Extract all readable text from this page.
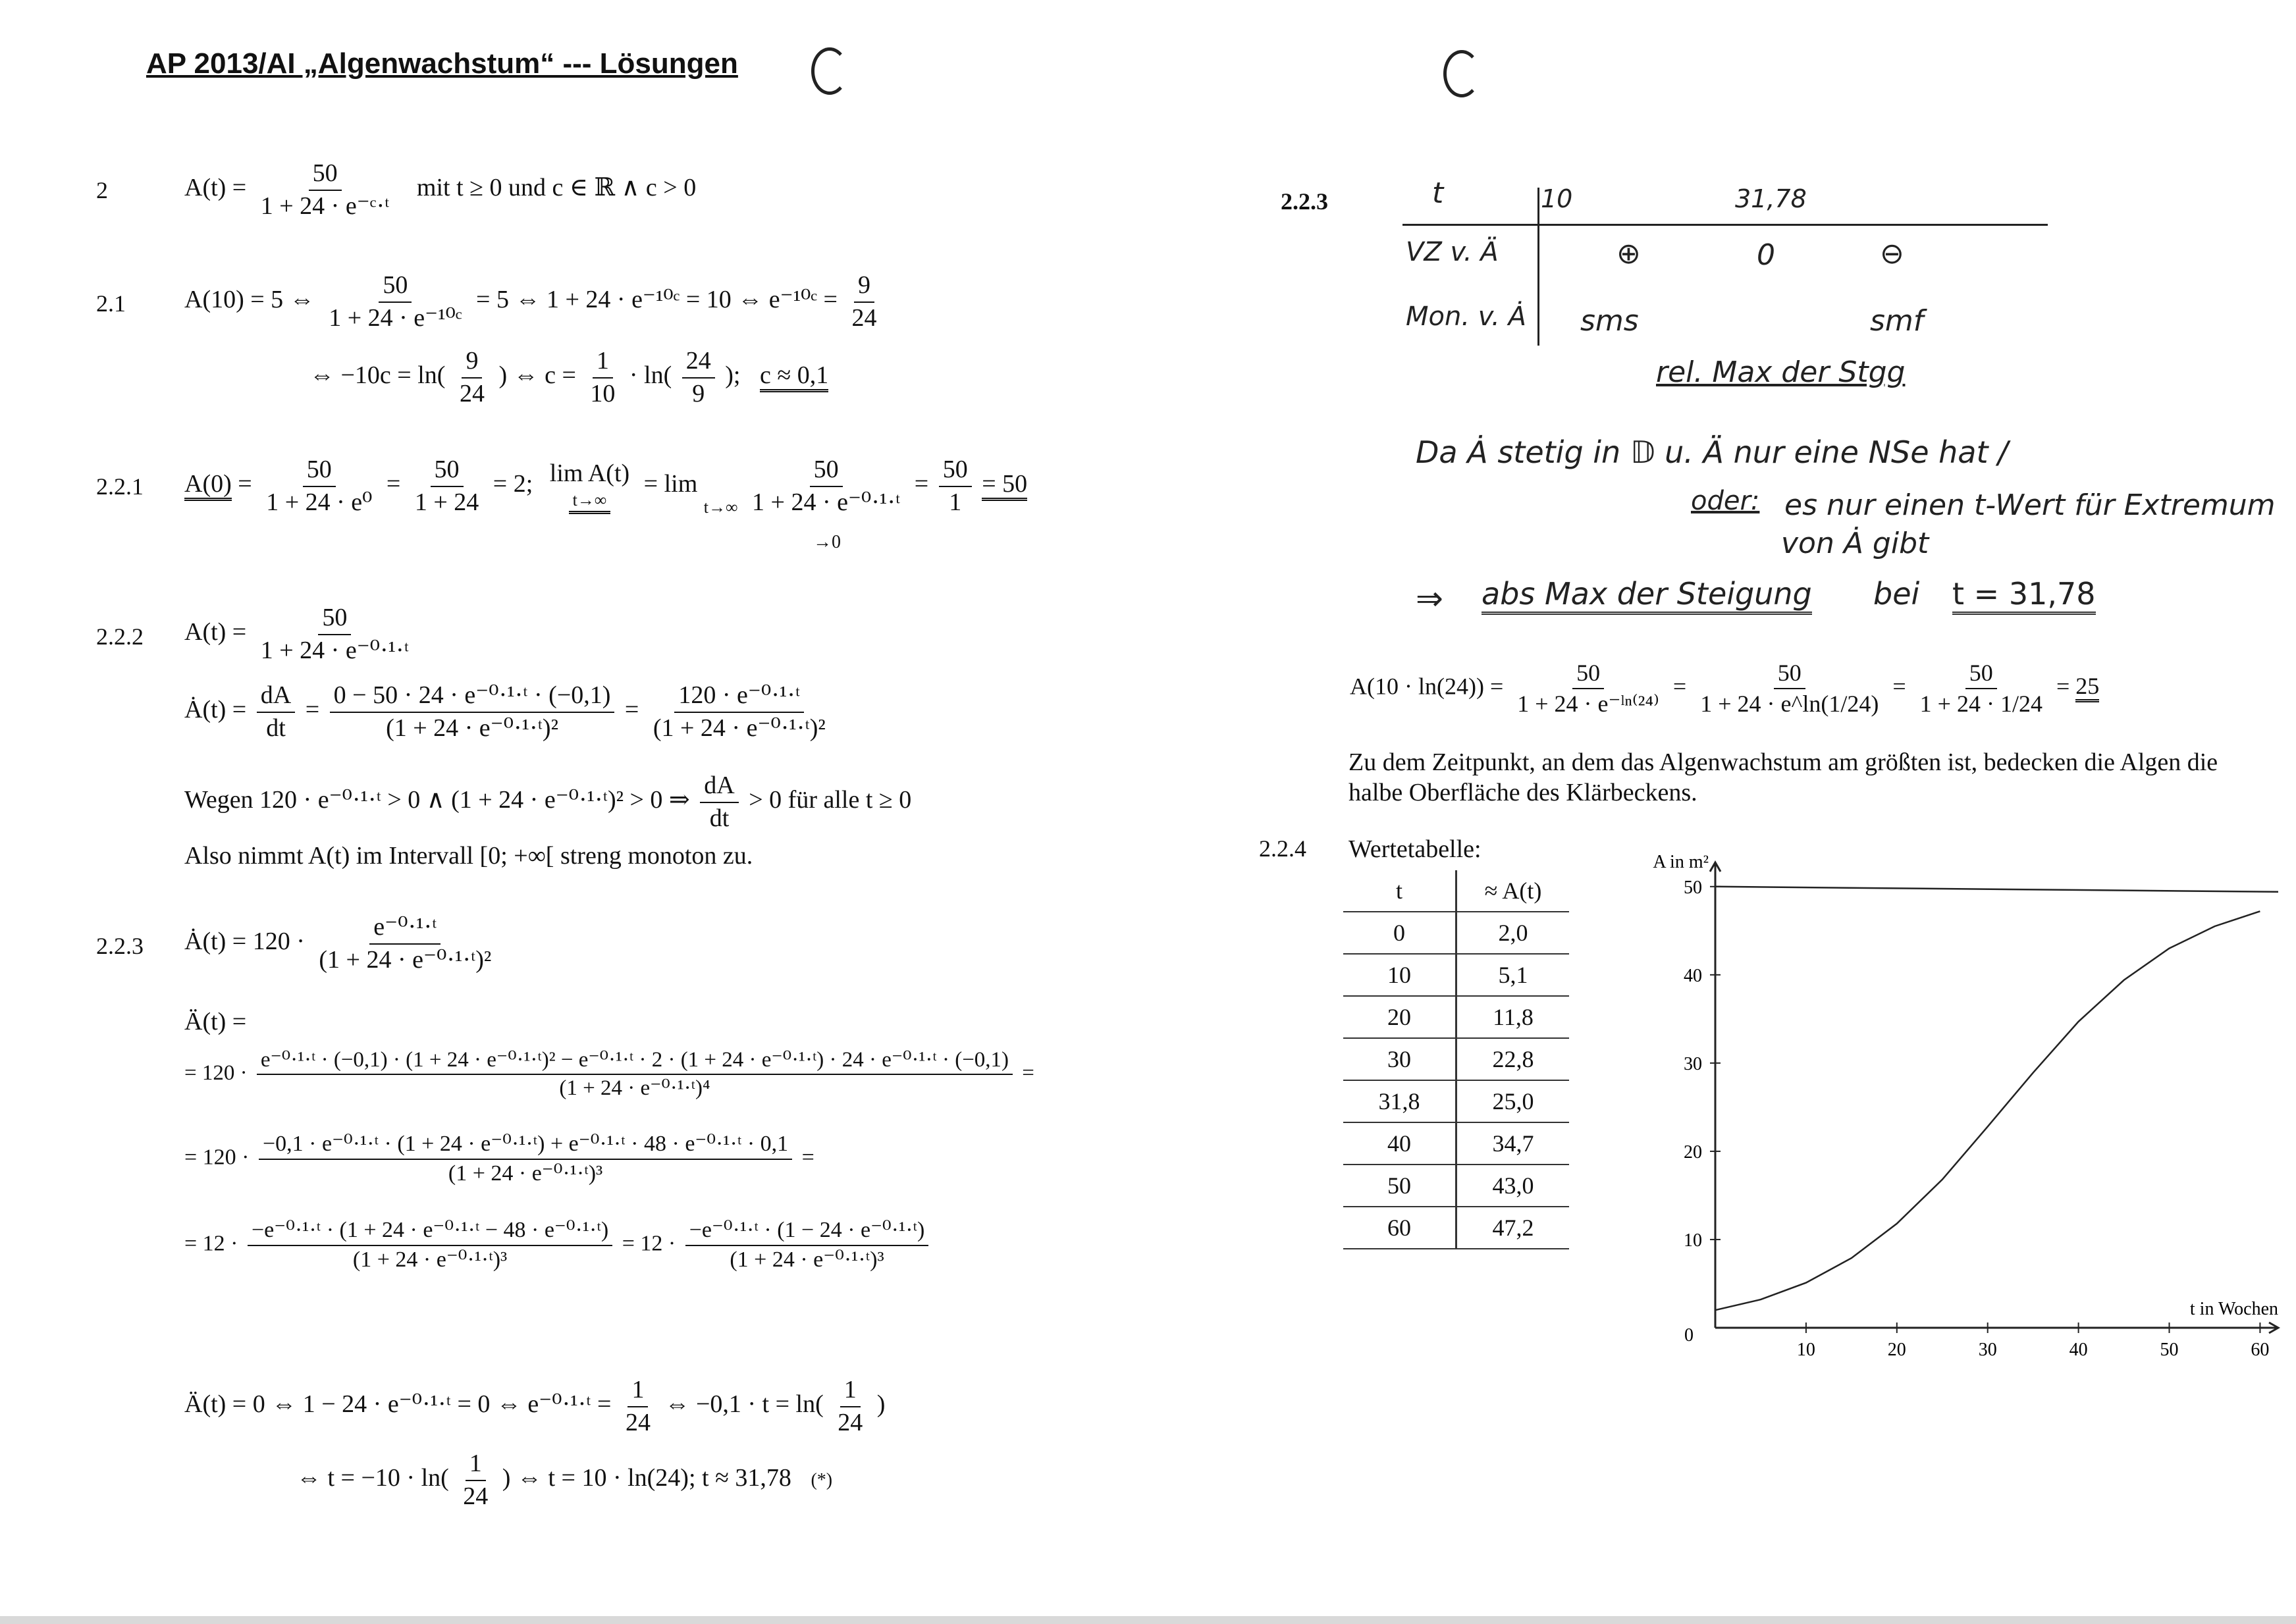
AP 2013/AI „Algenwachstum“ --- Lösungen
2	$A(t) = \frac{50}{\text{1 + 24 · e⁻ᶜ·ᵗ}}$ mit t ≥ 0 und c ∈ ℝ ∧ c > 0
2.1 A(10) = 5 ⇔ $\frac{50}{\text{1 + 24 · e⁻¹⁰ᶜ}} = 5$ ⇔ 1 + 24 · e⁻¹⁰ᶜ = 10 ⇔ e⁻¹⁰ᶜ = $\frac{9}{24}$
⇔ $-10c = \ln( \frac{9}{24}$ ) ⇔ $c = \frac{1}{10} \cdot \ln( \frac{24}{9}$ ); c ≈ 0,1
2.2.1 $A(0) = \frac{50}{\text{1 + 24 · e⁰}} = \frac{50}{1 + 24} = 2$; lim A(t)
t→∞
= $\lim _{t\to\infty} \frac{50}{\text{1 + 24 · e⁻⁰·¹·ᵗ}} = \frac{50}{1} = 50$
→0
2.2.2 $A(t) = \frac{50}{\text{1 + 24 · e⁻⁰·¹·ᵗ}}$
Ȧ(t) = $\frac{dA}{dt} = \frac{\text{0 − 50 · 24 · e⁻⁰·¹·ᵗ · (−0,1)}}{\text{(1 + 24 · e⁻⁰·¹·ᵗ)²}} = \frac{\text{120 · e⁻⁰·¹·ᵗ}}{\text{(1 + 24 · e⁻⁰·¹·ᵗ)²}}$
Wegen 120 · e⁻⁰·¹·ᵗ > 0 ∧ (1 + 24 · e⁻⁰·¹·ᵗ)² > 0 ⇒ $\frac{dA}{dt} > 0$ für alle t ≥ 0
Also nimmt A(t) im Intervall [0; +∞[ streng monoton zu.
2.2.3 Ȧ(t) = $120 \cdot \frac{\text{e⁻⁰·¹·ᵗ}}{\text{(1 + 24 · e⁻⁰·¹·ᵗ)²}}$
Ä(t) =
= 120 ·
e⁻⁰·¹·ᵗ · (−0,1) · (1 + 24 · e⁻⁰·¹·ᵗ)² − e⁻⁰·¹·ᵗ · 2 · (1 + 24 · e⁻⁰·¹·ᵗ) · 24 · e⁻⁰·¹·ᵗ · (−0,1)
(1 + 24 · e⁻⁰·¹·ᵗ)⁴
=
= 120 ·
−0,1 · e⁻⁰·¹·ᵗ · (1 + 24 · e⁻⁰·¹·ᵗ) + e⁻⁰·¹·ᵗ · 48 · e⁻⁰·¹·ᵗ · 0,1
(1 + 24 · e⁻⁰·¹·ᵗ)³
=
= $12 \cdot \frac{\text{−e⁻⁰·¹·ᵗ · (1 + 24 · e⁻⁰·¹·ᵗ − 48 · e⁻⁰·¹·ᵗ)}}{\text{(1 + 24 · e⁻⁰·¹·ᵗ)³}} = 12 \cdot \frac{\text{−e⁻⁰·¹·ᵗ · (1 − 24 · e⁻⁰·¹·ᵗ)}}{\text{(1 + 24 · e⁻⁰·¹·ᵗ)³}}$
Ä(t) = 0 ⇔ 1 − 24 · e⁻⁰·¹·ᵗ = 0 ⇔ e⁻⁰·¹·ᵗ = $\frac{1}{24}$ ⇔ $-0,1 \cdot t = \ln( \frac{1}{24}$ )
⇔ $t = -10 \cdot \ln( \frac{1}{24}$ ) ⇔ t = 10 · ln(24); t ≈ 31,78 (*)
2.2.3	t	10	31,78
VZ v. Ä	⊕	0	⊖
Mon. v. Ȧ sms	smf
rel. Max der Stgg
Da Ȧ stetig in 𝔻 u. Ä nur eine NSe hat /
oder: es nur einen t-Wert für Extremum
von Ȧ gibt
⇒ abs Max der Steigung bei t = 31,78
$A(10 \cdot \ln(24)) = \frac{50}{\text{1 + 24 · e⁻ˡⁿ⁽²⁴⁾}} = \frac{50}{1 + 24 \cdot e\^{}\ln(1/24)} = \frac{50}{1 + 24 \cdot 1/24} = 25$
Zu dem Zeitpunkt, an dem das Algenwachstum am größten ist, bedecken die Algen die halbe Oberfläche des Klärbeckens.
2.2.4 Wertetabelle:
t	≈ A(t)
0	2,0
10	5,1
20	11,8
30	22,8
31,8	25,0
40	34,7
50	43,0
60	47,2
0
10	20	30	40	50	60
10
20
30
40
50
A in m²
t in Wochen
